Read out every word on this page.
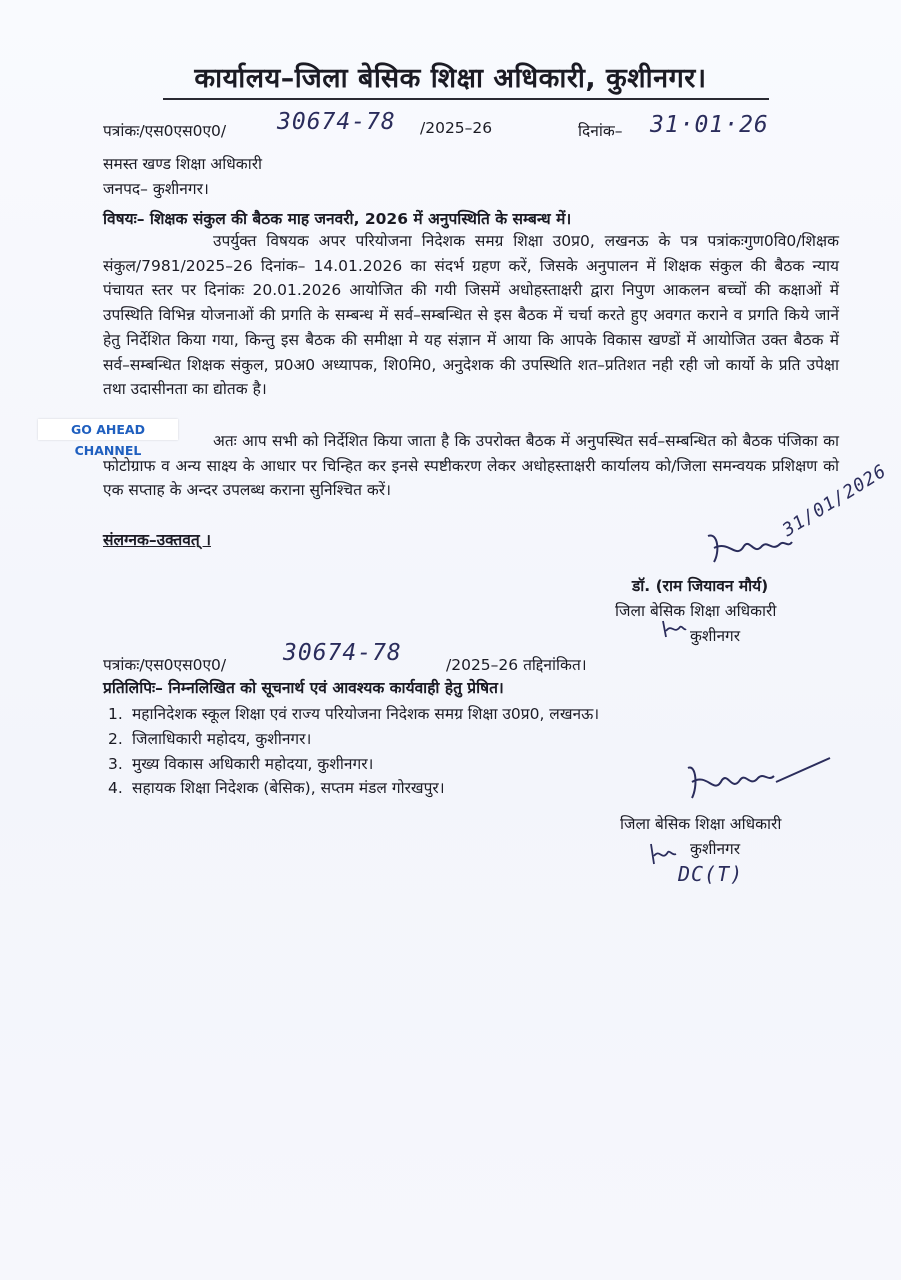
कार्यालय–जिला बेसिक शिक्षा अधिकारी, कुशीनगर।
पत्रांकः/एस0एस0ए0/ 30674-78 /2025–26	दिनांक– 31·01·26
समस्त खण्ड शिक्षा अधिकारी
जनपद– कुशीनगर।
विषयः– शिक्षक संकुल की बैठक माह जनवरी, 2026 में अनुपस्थिति के सम्बन्ध में।
उपर्युक्त विषयक अपर परियोजना निदेशक समग्र शिक्षा उ0प्र0, लखनऊ के पत्र पत्रांकःगुण0वि0/शिक्षक संकुल/7981/2025–26 दिनांक– 14.01.2026 का संदर्भ ग्रहण करें, जिसके अनुपालन में शिक्षक संकुल की बैठक न्याय पंचायत स्तर पर दिनांकः 20.01.2026 आयोजित की गयी जिसमें अधोहस्ताक्षरी द्वारा निपुण आकलन बच्चों की कक्षाओं में उपस्थिति विभिन्न योजनाओं की प्रगति के सम्बन्ध में सर्व–सम्बन्धित से इस बैठक में चर्चा करते हुए अवगत कराने व प्रगति किये जानें हेतु निर्देशित किया गया, किन्तु इस बैठक की समीक्षा मे यह संज्ञान में आया कि आपके विकास खण्डों में आयोजित उक्त बैठक में सर्व–सम्बन्धित शिक्षक संकुल, प्र0अ0 अध्यापक, शि0मि0, अनुदेशक की उपस्थिति शत–प्रतिशत नही रही जो कार्यो के प्रति उपेक्षा तथा उदासीनता का द्योतक है।
अतः आप सभी को निर्देशित किया जाता है कि उपरोक्त बैठक में अनुपस्थित सर्व–सम्बन्धित को बैठक पंजिका का फोटोग्राफ व अन्य साक्ष्य के आधार पर चिन्हित कर इनसे स्पष्टीकरण लेकर अधोहस्ताक्षरी कार्यालय को/जिला समन्वयक प्रशिक्षण को एक सप्ताह के अन्दर उपलब्ध कराना सुनिश्चित करें।
GO AHEAD CHANNEL
संलग्नक–उक्तवत् ।	31/01/2026
डॉ. (राम जियावन मौर्य)
जिला बेसिक शिक्षा अधिकारी
कुशीनगर
पत्रांकः/एस0एस0ए0/ 30674-78	/2025–26 तद्दिनांकित।
प्रतिलिपिः– निम्नलिखित को सूचनार्थ एवं आवश्यक कार्यवाही हेतु प्रेषित।
1. महानिदेशक स्कूल शिक्षा एवं राज्य परियोजना निदेशक समग्र शिक्षा उ0प्र0, लखनऊ।
2. जिलाधिकारी महोदय, कुशीनगर।
3. मुख्य विकास अधिकारी महोदया, कुशीनगर।
4. सहायक शिक्षा निदेशक (बेसिक), सप्तम मंडल गोरखपुर।
जिला बेसिक शिक्षा अधिकारी
कुशीनगर
DC(T)
